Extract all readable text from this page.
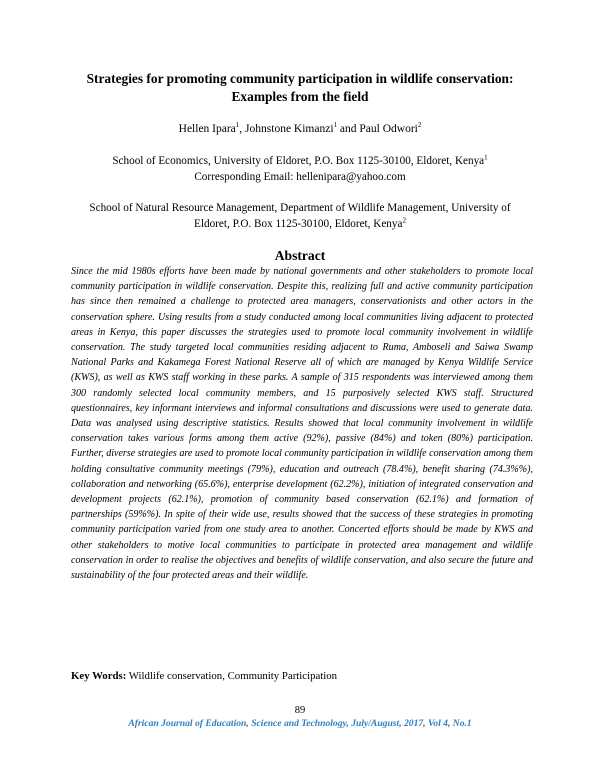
Strategies for promoting community participation in wildlife conservation:
Examples from the field
Hellen Ipara$^1$, Johnstone Kimanzi$^1$ and Paul Odwori$^2$
School of Economics, University of Eldoret, P.O. Box 1125-30100, Eldoret, Kenya$^1$
Corresponding Email: hellenipara@yahoo.com
School of Natural Resource Management, Department of Wildlife Management, University of
Eldoret, P.O. Box 1125-30100, Eldoret, Kenya$^2$
Abstract

Since the mid 1980s efforts have been made by national governments and other stakeholders to promote local community participation in wildlife conservation. Despite this, realizing full and active community participation has since then remained a challenge to protected area managers, conservationists and other actors in the conservation sphere. Using results from a study conducted among local communities living adjacent to protected areas in Kenya, this paper discusses the strategies used to promote local community involvement in wildlife conservation. The study targeted local communities residing adjacent to Ruma, Amboseli and Saiwa Swamp National Parks and Kakamega Forest National Reserve all of which are managed by Kenya Wildlife Service (KWS), as well as KWS staff working in these parks. A sample of 315 respondents was interviewed among them 300 randomly selected local community members, and 15 purposively selected KWS staff. Structured questionnaires, key informant interviews and informal consultations and discussions were used to generate data. Data was analysed using descriptive statistics. Results showed that local community involvement in wildlife conservation takes various forms among them active (92%), passive (84%) and token (80%) participation. Further, diverse strategies are used to promote local community participation in wildlife conservation among them holding consultative community meetings (79%), education and outreach (78.4%), benefit sharing (74.3%%), collaboration and networking (65.6%), enterprise development (62.2%), initiation of integrated conservation and development projects (62.1%), promotion of community based conservation (62.1%) and formation of partnerships (59%%). In spite of their wide use, results showed that the success of these strategies in promoting community participation varied from one study area to another. Concerted efforts should be made by KWS and other stakeholders to motive local communities to participate in protected area management and wildlife conservation in order to realise the objectives and benefits of wildlife conservation, and also secure the future and sustainability of the four protected areas and their wildlife.

Key Words: Wildlife conservation, Community Participation
89
African Journal of Education, Science and Technology, July/August, 2017, Vol 4, No.1
